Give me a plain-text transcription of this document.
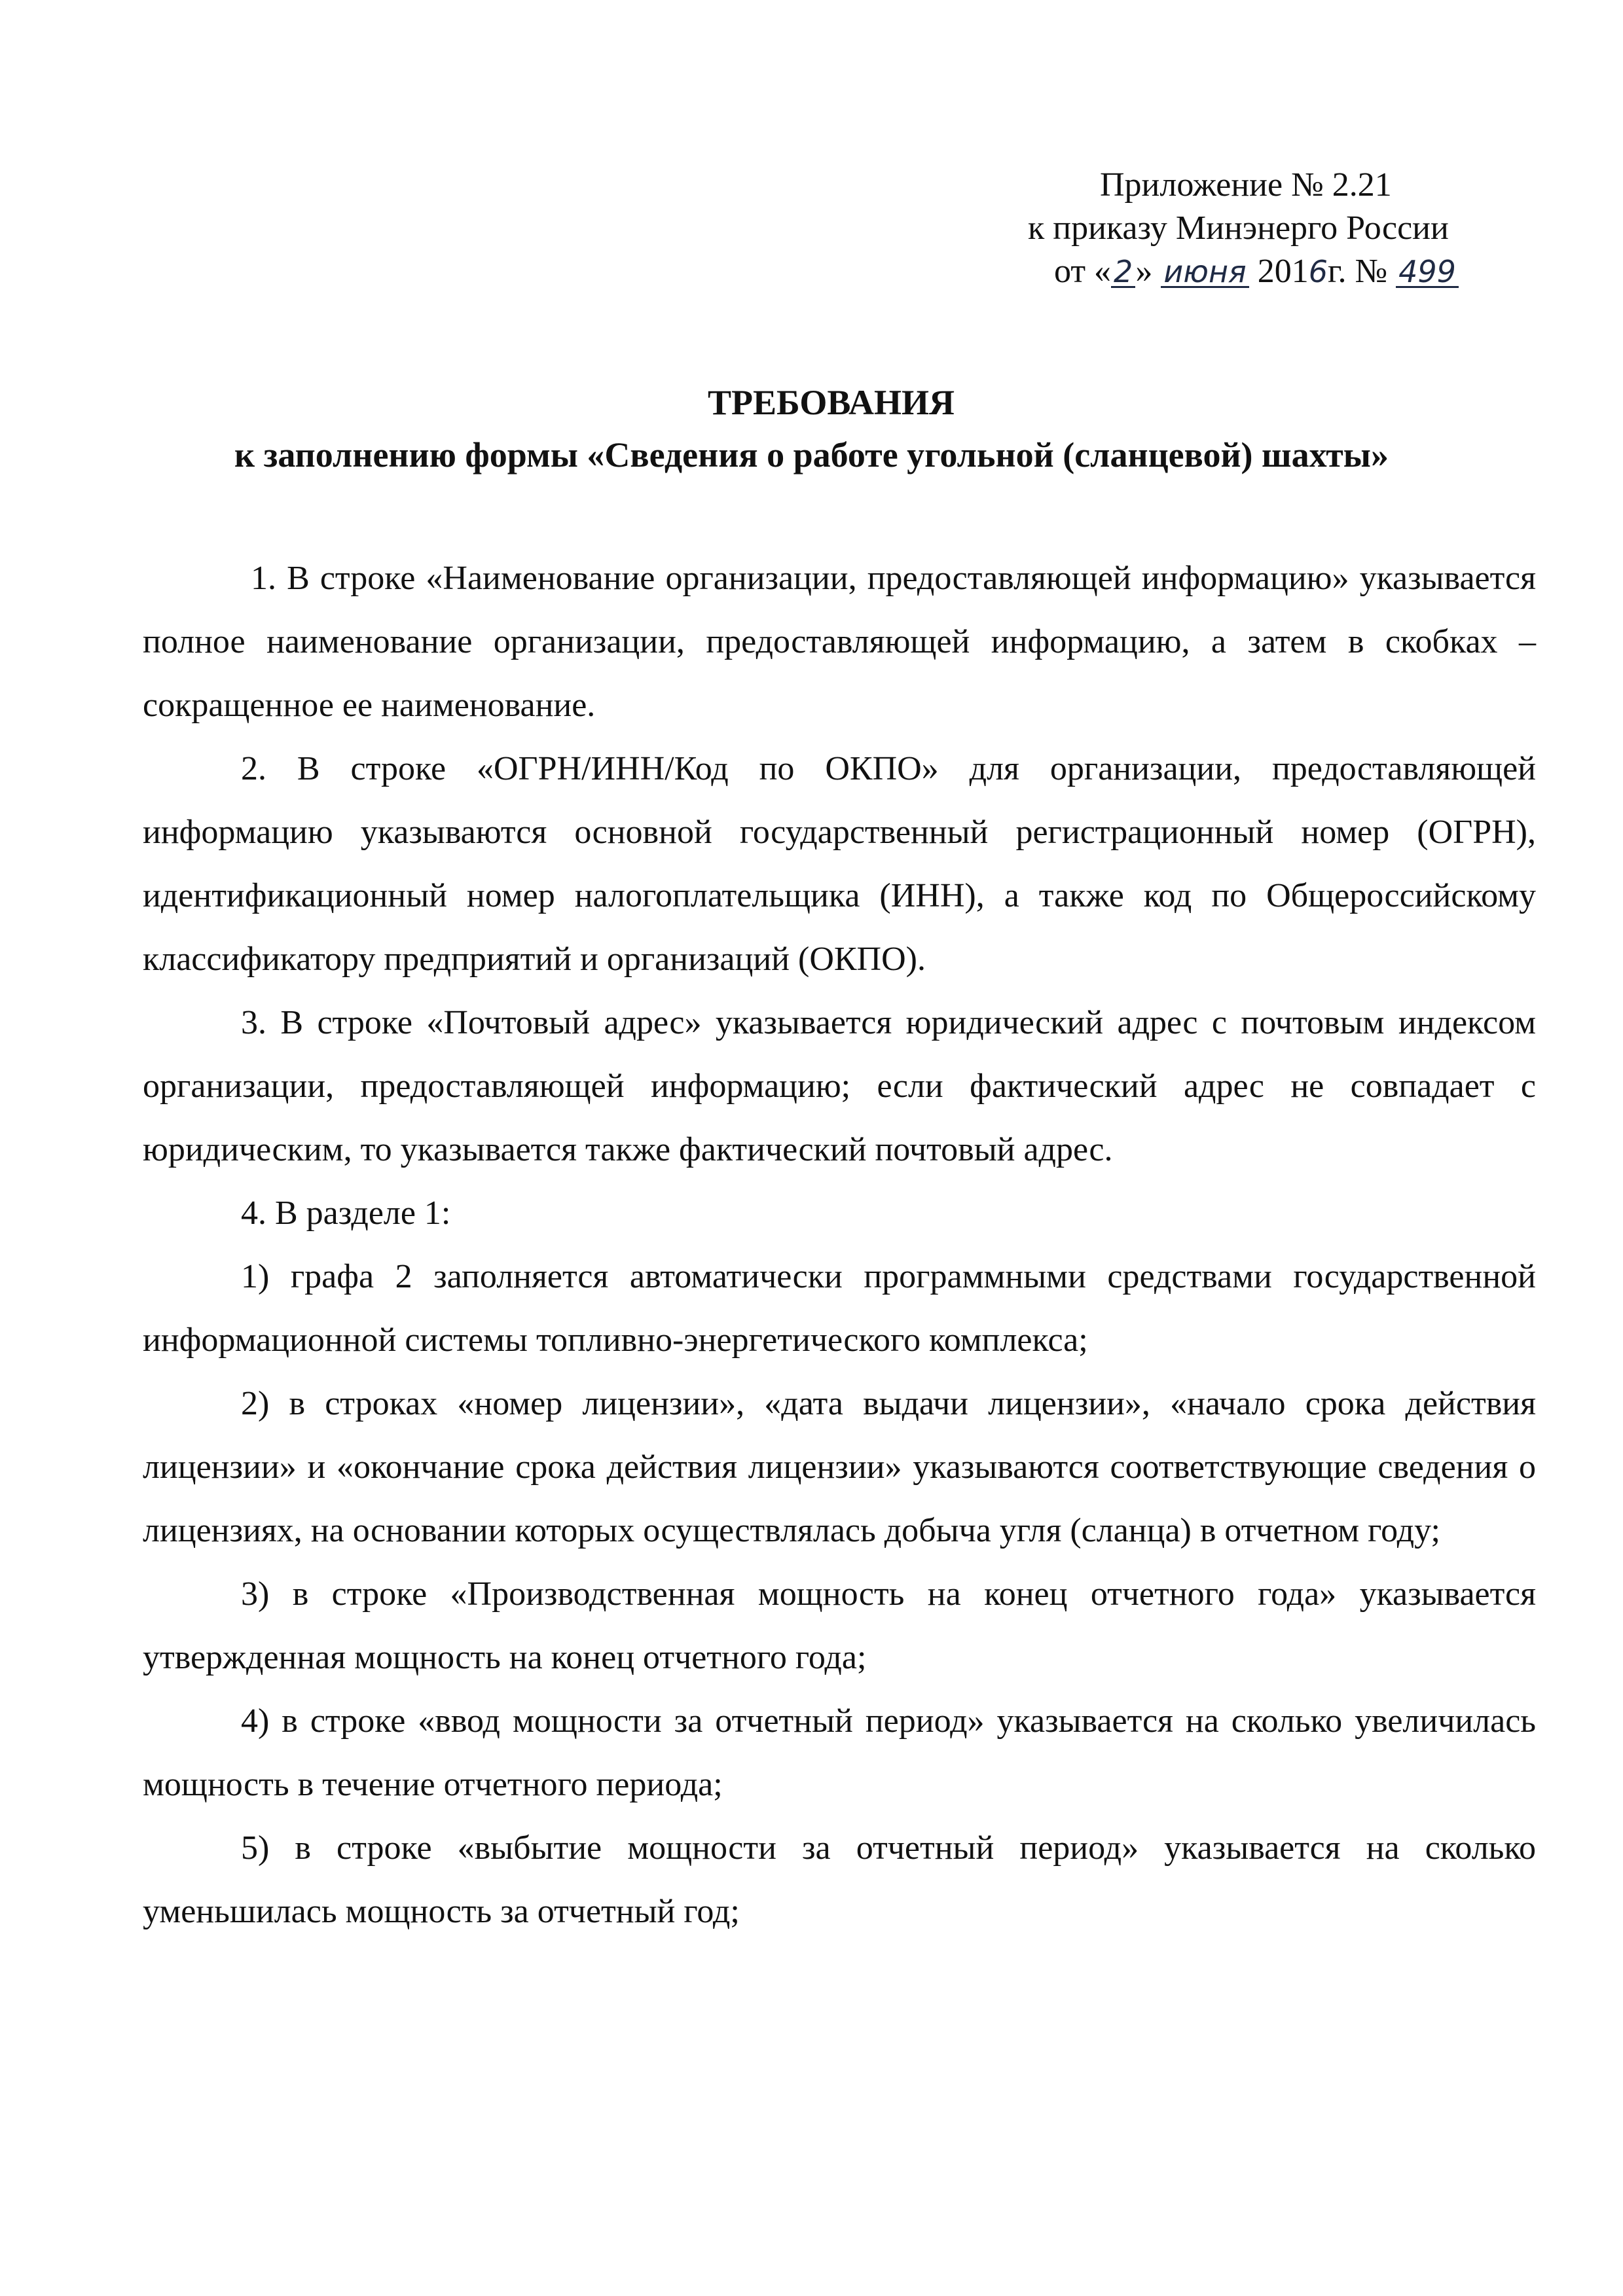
Приложение № 2.21
к приказу Минэнерго России
от «2» июня 2016г. № 499
ТРЕБОВАНИЯ
к заполнению формы «Сведения о работе угольной (сланцевой) шахты»

1. В строке «Наименование организации, предоставляющей информацию» указывается полное наименование организации, предоставляющей информацию, а затем в скобках – сокращенное ее наименование.

2. В строке «ОГРН/ИНН/Код по ОКПО» для организации, предоставляющей информацию указываются основной государственный регистрационный номер (ОГРН), идентификационный номер налогоплательщика (ИНН), а также код по Общероссийскому классификатору предприятий и организаций (ОКПО).

3. В строке «Почтовый адрес» указывается юридический адрес с почтовым индексом организации, предоставляющей информацию; если фактический адрес не совпадает с юридическим, то указывается также фактический почтовый адрес.

4. В разделе 1:

1) графа 2 заполняется автоматически программными средствами государственной информационной системы топливно-энергетического комплекса;

2) в строках «номер лицензии», «дата выдачи лицензии», «начало срока действия лицензии» и «окончание срока действия лицензии» указываются соответствующие сведения о лицензиях, на основании которых осуществлялась добыча угля (сланца) в отчетном году;

3) в строке «Производственная мощность на конец отчетного года» указывается утвержденная мощность на конец отчетного года;

4) в строке «ввод мощности за отчетный период» указывается на сколько увеличилась мощность в течение отчетного периода;

5) в строке «выбытие мощности за отчетный период» указывается на сколько уменьшилась мощность за отчетный год;
